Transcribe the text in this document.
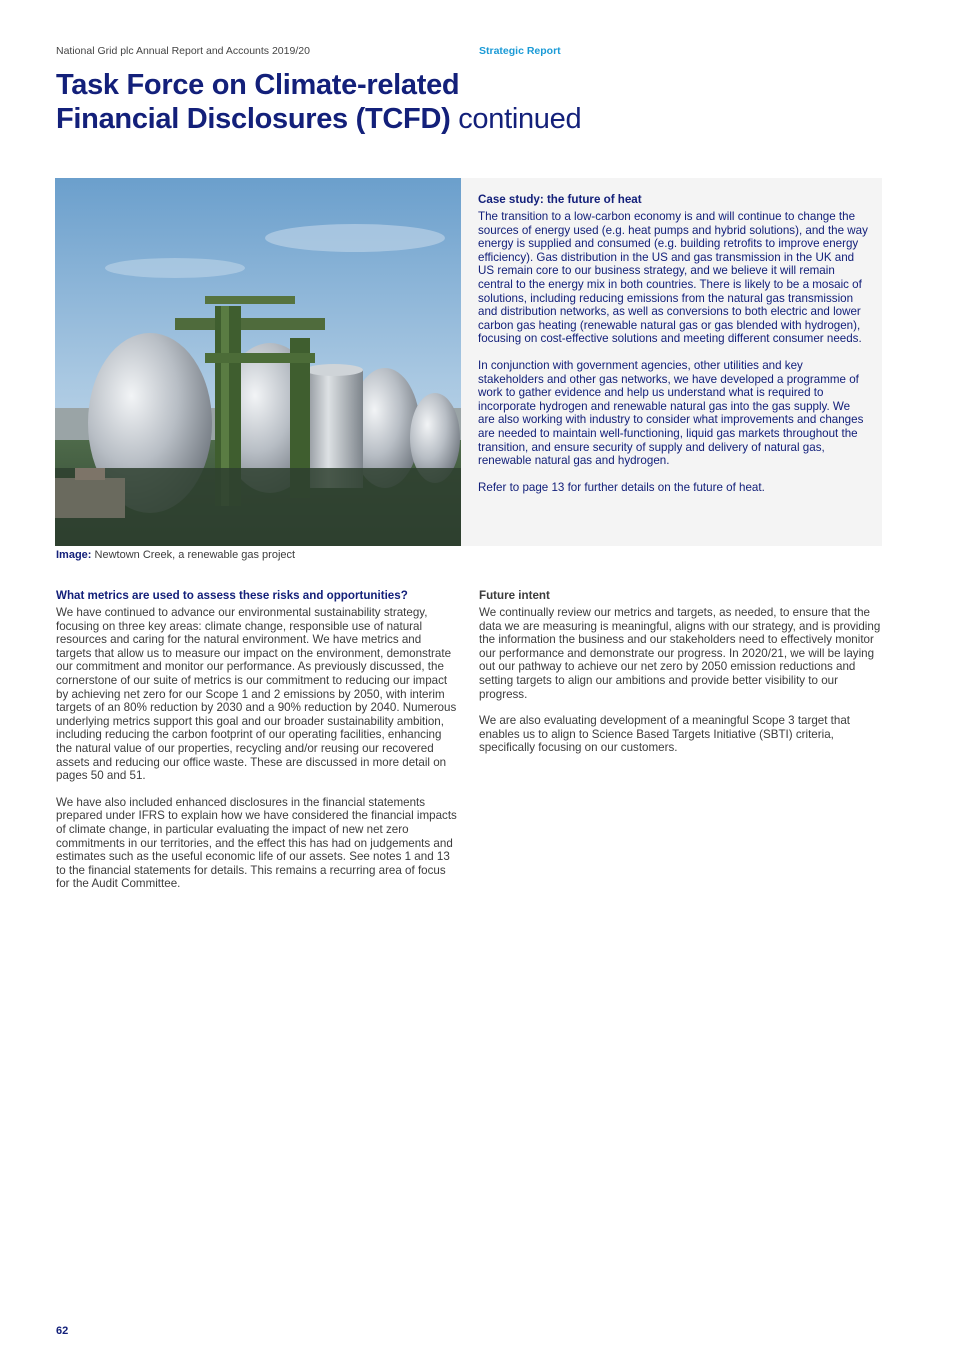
National Grid plc Annual Report and Accounts 2019/20	Strategic Report
Task Force on Climate-related
Financial Disclosures (TCFD) continued
Image: Newtown Creek, a renewable gas project
Case study: the future of heat

The transition to a low-carbon economy is and will continue to change the sources of energy used (e.g. heat pumps and hybrid solutions), and the way energy is supplied and consumed (e.g. building retrofits to improve energy efficiency). Gas distribution in the US and gas transmission in the UK and US remain core to our business strategy, and we believe it will remain central to the energy mix in both countries. There is likely to be a mosaic of solutions, including reducing emissions from the natural gas transmission and distribution networks, as well as conversions to both electric and lower carbon gas heating (renewable natural gas or gas blended with hydrogen), focusing on cost-effective solutions and meeting different consumer needs.

In conjunction with government agencies, other utilities and key stakeholders and other gas networks, we have developed a programme of work to gather evidence and help us understand what is required to incorporate hydrogen and renewable natural gas into the gas supply. We are also working with industry to consider what improvements and changes are needed to maintain well-functioning, liquid gas markets throughout the transition, and ensure security of supply and delivery of natural gas, renewable natural gas and hydrogen.

Refer to page 13 for further details on the future of heat.

What metrics are used to assess these risks and opportunities?

We have continued to advance our environmental sustainability strategy, focusing on three key areas: climate change, responsible use of natural resources and caring for the natural environment. We have metrics and targets that allow us to measure our impact on the environment, demonstrate our commitment and monitor our performance. As previously discussed, the cornerstone of our suite of metrics is our commitment to reducing our impact by achieving net zero for our Scope 1 and 2 emissions by 2050, with interim targets of an 80% reduction by 2030 and a 90% reduction by 2040. Numerous underlying metrics support this goal and our broader sustainability ambition, including reducing the carbon footprint of our operating facilities, enhancing the natural value of our properties, recycling and/or reusing our recovered assets and reducing our office waste. These are discussed in more detail on pages 50 and 51.

We have also included enhanced disclosures in the financial statements prepared under IFRS to explain how we have considered the financial impacts of climate change, in particular evaluating the impact of new net zero commitments in our territories, and the effect this has had on judgements and estimates such as the useful economic life of our assets. See notes 1 and 13 to the financial statements for details. This remains a recurring area of focus for the Audit Committee.

Future intent

We continually review our metrics and targets, as needed, to ensure that the data we are measuring is meaningful, aligns with our strategy, and is providing the information the business and our stakeholders need to effectively monitor our performance and demonstrate our progress. In 2020/21, we will be laying out our pathway to achieve our net zero by 2050 emission reductions and setting targets to align our ambitions and provide better visibility to our progress.

We are also evaluating development of a meaningful Scope 3 target that enables us to align to Science Based Targets Initiative (SBTI) criteria, specifically focusing on our customers.

62
